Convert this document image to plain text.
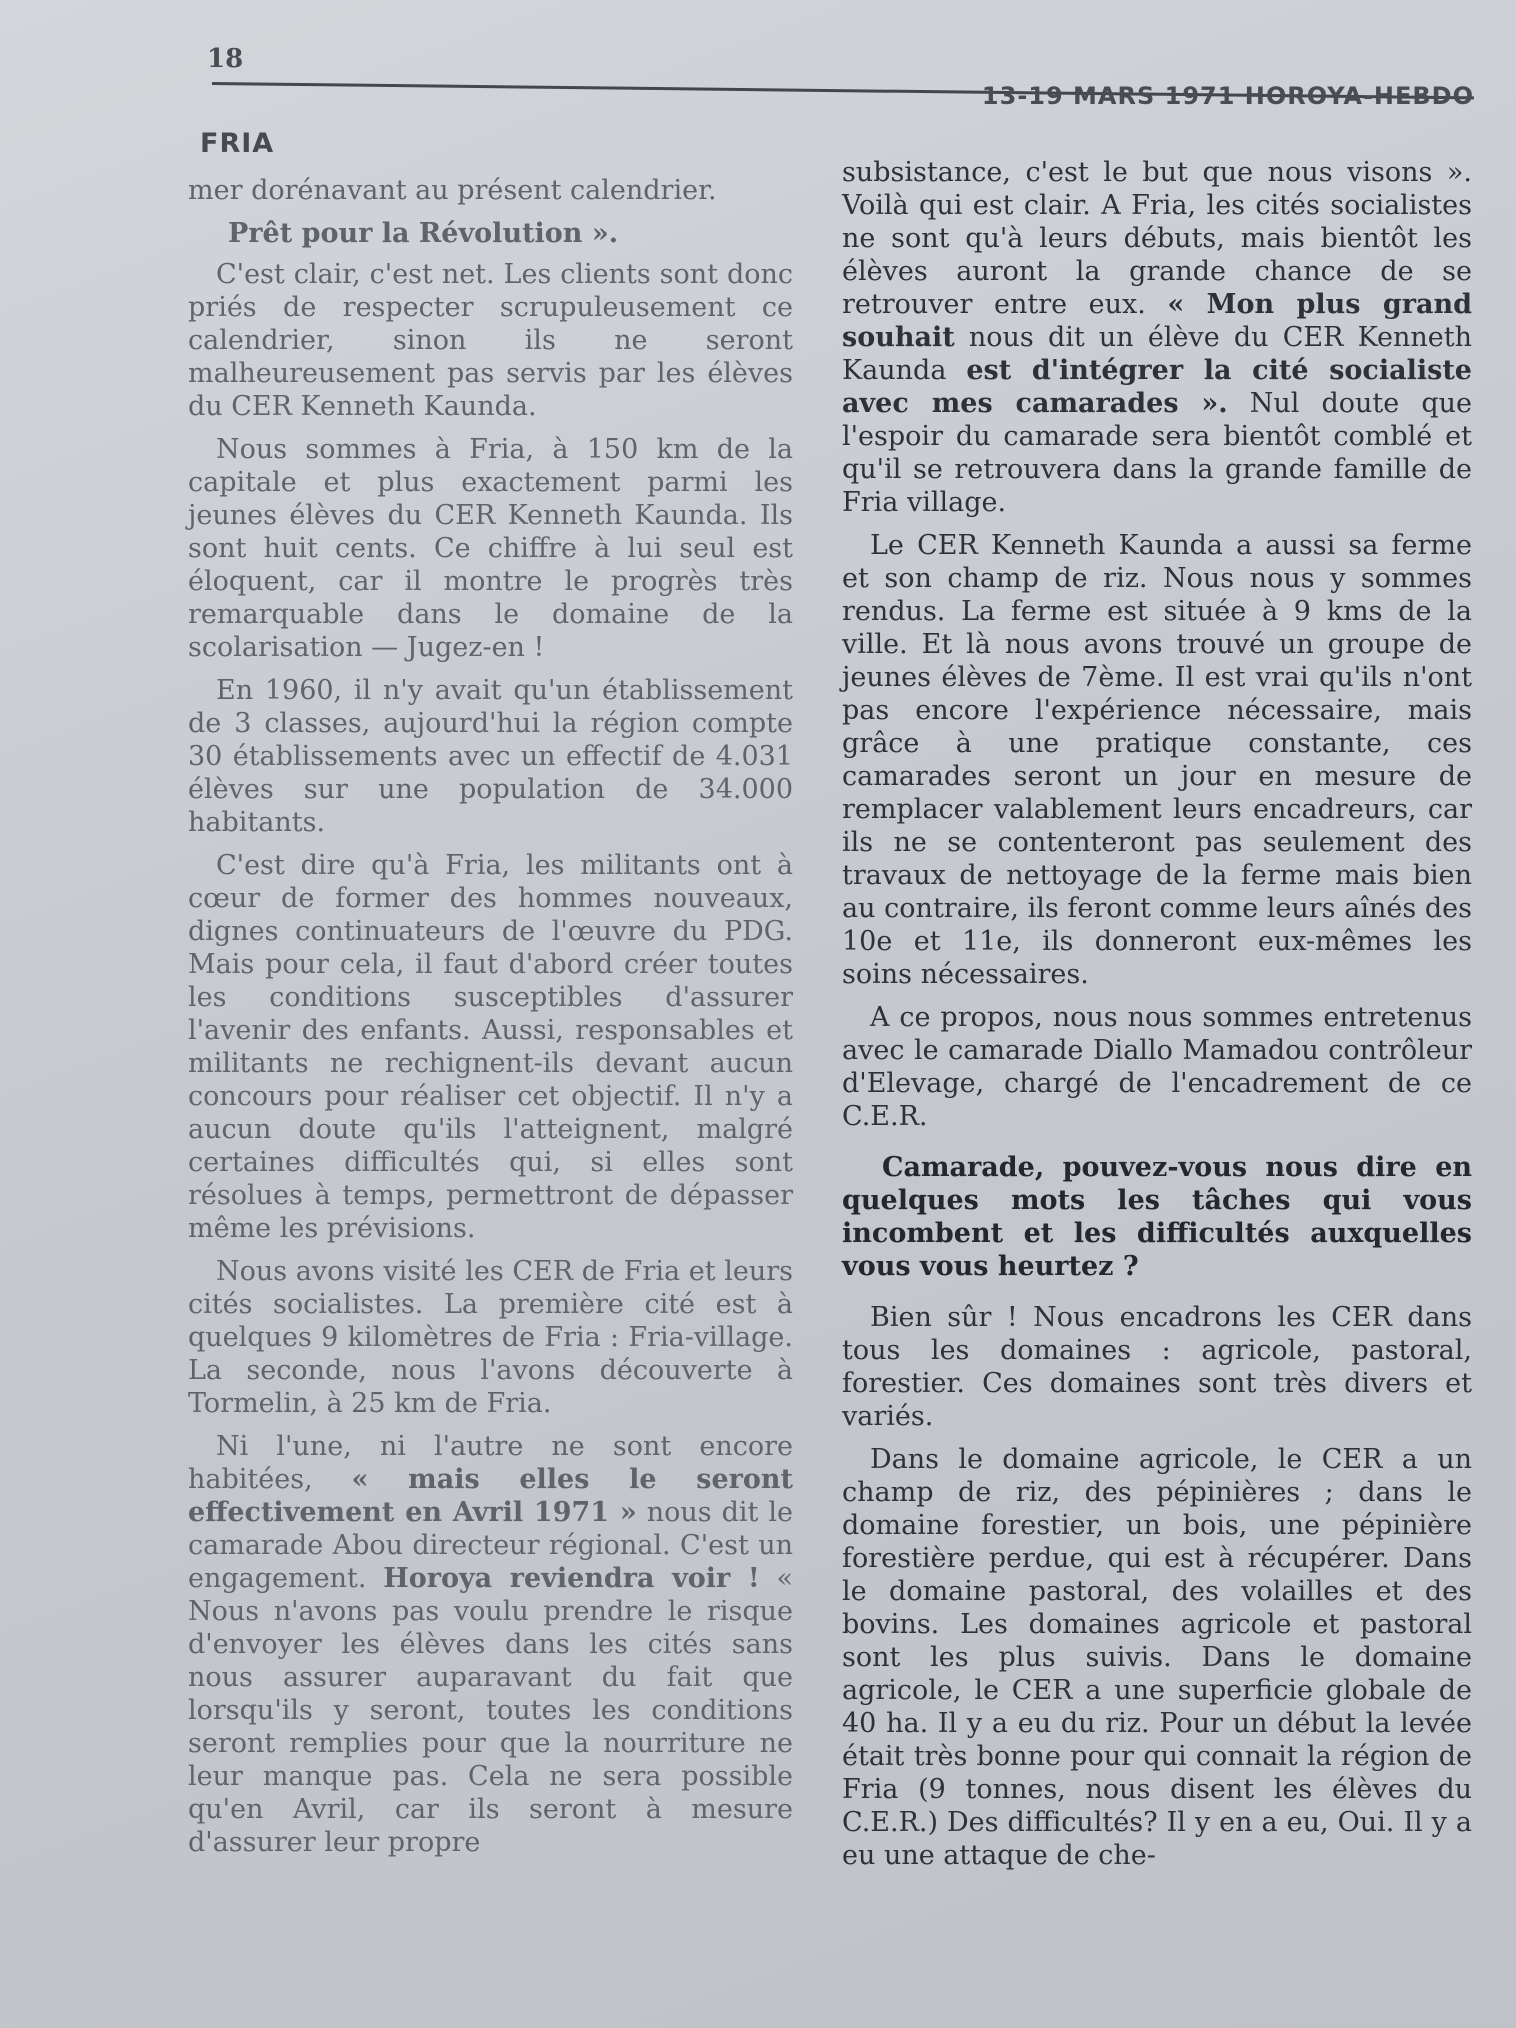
18
13-19 MARS 1971 HOROYA-HEBDO
FRIA

mer dorénavant au présent calendrier.

Prêt pour la Révolution ».

C'est clair, c'est net. Les clients sont donc priés de respecter scrupuleusement ce calendrier, sinon ils ne seront malheureusement pas servis par les élèves du CER Kenneth Kaunda.

Nous sommes à Fria, à 150 km de la capitale et plus exactement parmi les jeunes élèves du CER Kenneth Kaunda. Ils sont huit cents. Ce chiffre à lui seul est éloquent, car il montre le progrès très remarquable dans le domaine de la scolarisation — Jugez-en !

En 1960, il n'y avait qu'un établissement de 3 classes, aujourd'hui la région compte 30 établissements avec un effectif de 4.031 élèves sur une population de 34.000 habitants.

C'est dire qu'à Fria, les militants ont à cœur de former des hommes nouveaux, dignes continuateurs de l'œuvre du PDG. Mais pour cela, il faut d'abord créer toutes les conditions susceptibles d'assurer l'avenir des enfants. Aussi, responsables et militants ne rechignent-ils devant aucun concours pour réaliser cet objectif. Il n'y a aucun doute qu'ils l'atteignent, malgré certaines difficultés qui, si elles sont résolues à temps, permettront de dépasser même les prévisions.

Nous avons visité les CER de Fria et leurs cités socialistes. La première cité est à quelques 9 kilomètres de Fria : Fria-village. La seconde, nous l'avons découverte à Tormelin, à 25 km de Fria.

Ni l'une, ni l'autre ne sont encore habitées, « mais elles le seront effectivement en Avril 1971 » nous dit le camarade Abou directeur régional. C'est un engagement. Horoya reviendra voir ! « Nous n'avons pas voulu prendre le risque d'envoyer les élèves dans les cités sans nous assurer auparavant du fait que lorsqu'ils y seront, toutes les conditions seront remplies pour que la nourriture ne leur manque pas. Cela ne sera possible qu'en Avril, car ils seront à mesure d'assurer leur propre

subsistance, c'est le but que nous visons ». Voilà qui est clair. A Fria, les cités socialistes ne sont qu'à leurs débuts, mais bientôt les élèves auront la grande chance de se retrouver entre eux. « Mon plus grand souhait nous dit un élève du CER Kenneth Kaunda est d'intégrer la cité socialiste avec mes camarades ». Nul doute que l'espoir du camarade sera bientôt comblé et qu'il se retrouvera dans la grande famille de Fria village.

Le CER Kenneth Kaunda a aussi sa ferme et son champ de riz. Nous nous y sommes rendus. La ferme est située à 9 kms de la ville. Et là nous avons trouvé un groupe de jeunes élèves de 7ème. Il est vrai qu'ils n'ont pas encore l'expérience nécessaire, mais grâce à une pratique constante, ces camarades seront un jour en mesure de remplacer valablement leurs encadreurs, car ils ne se contenteront pas seulement des travaux de nettoyage de la ferme mais bien au contraire, ils feront comme leurs aînés des 10e et 11e, ils donneront eux-mêmes les soins nécessaires.

A ce propos, nous nous sommes entretenus avec le camarade Diallo Mamadou contrôleur d'Elevage, chargé de l'encadrement de ce C.E.R.

Camarade, pouvez-vous nous dire en quelques mots les tâches qui vous incombent et les difficultés auxquelles vous vous heurtez ?

Bien sûr ! Nous encadrons les CER dans tous les domaines : agricole, pastoral, forestier. Ces domaines sont très divers et variés.

Dans le domaine agricole, le CER a un champ de riz, des pépinières ; dans le domaine forestier, un bois, une pépinière forestière perdue, qui est à récupérer. Dans le domaine pastoral, des volailles et des bovins. Les domaines agricole et pastoral sont les plus suivis. Dans le domaine agricole, le CER a une superficie globale de 40 ha. Il y a eu du riz. Pour un début la levée était très bonne pour qui connait la région de Fria (9 tonnes, nous disent les élèves du C.E.R.) Des difficultés? Il y en a eu, Oui. Il y a eu une attaque de che-
